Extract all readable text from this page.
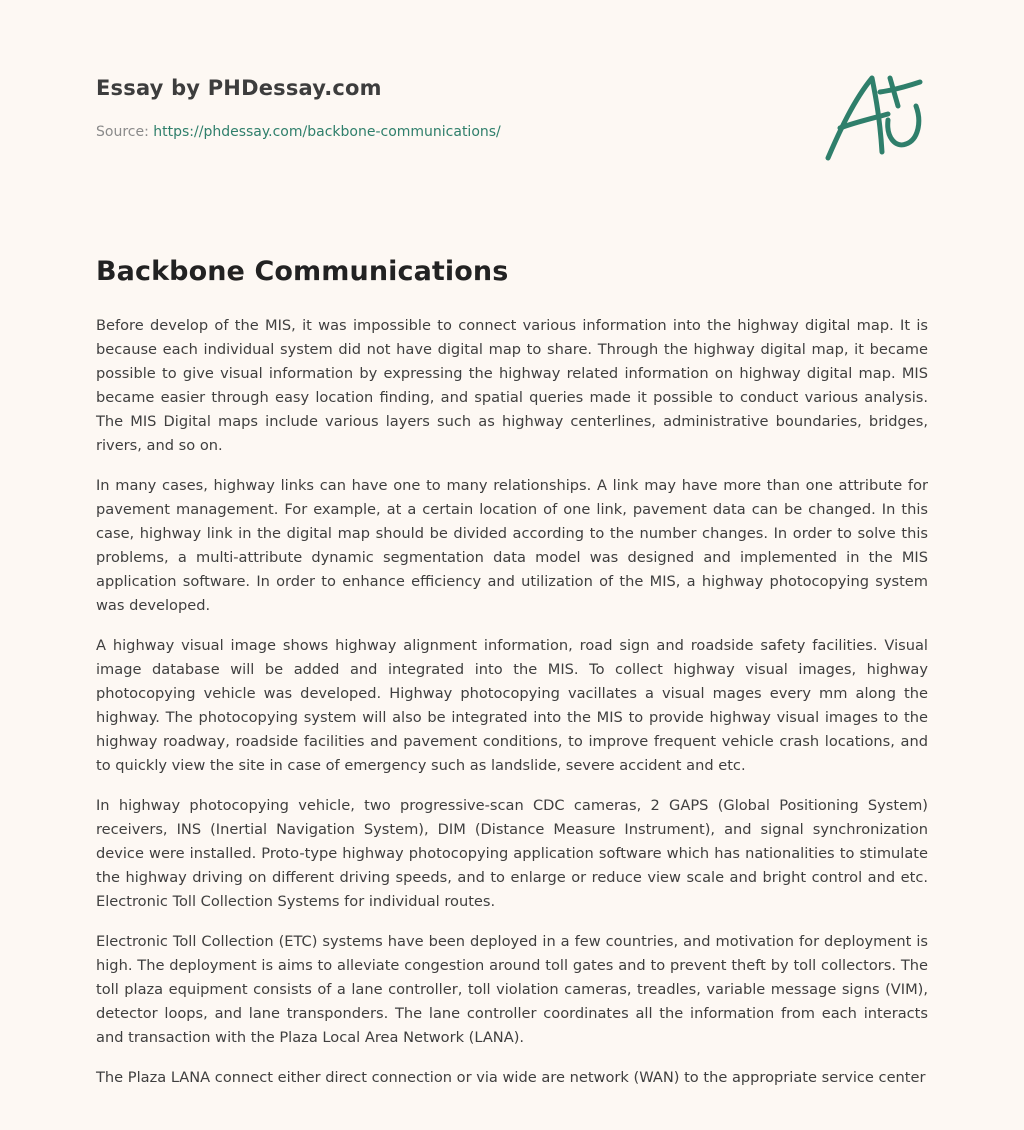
Essay by PHDessay.com
Source: https://phdessay.com/backbone-communications/
Backbone Communications

Before develop of the MIS, it was impossible to connect various information into the highway digital map. It is because each individual system did not have digital map to share. Through the highway digital map, it became possible to give visual information by expressing the highway related information on highway digital map. MIS became easier through easy location finding, and spatial queries made it possible to conduct various analysis. The MIS Digital maps include various layers such as highway centerlines, administrative boundaries, bridges, rivers, and so on.

In many cases, highway links can have one to many relationships. A link may have more than one attribute for pavement management. For example, at a certain location of one link, pavement data can be changed. In this case, highway link in the digital map should be divided according to the number changes. In order to solve this problems, a multi-attribute dynamic segmentation data model was designed and implemented in the MIS application software. In order to enhance efficiency and utilization of the MIS, a highway photocopying system was developed.

A highway visual image shows highway alignment information, road sign and roadside safety facilities. Visual image database will be added and integrated into the MIS. To collect highway visual images, highway photocopying vehicle was developed. Highway photocopying vacillates a visual mages every mm along the highway. The photocopying system will also be integrated into the MIS to provide highway visual images to the highway roadway, roadside facilities and pavement conditions, to improve frequent vehicle crash locations, and to quickly view the site in case of emergency such as landslide, severe accident and etc.

In highway photocopying vehicle, two progressive-scan CDC cameras, 2 GAPS (Global Positioning System) receivers, INS (Inertial Navigation System), DIM (Distance Measure Instrument), and signal synchronization device were installed. Proto-type highway photocopying application software which has nationalities to stimulate the highway driving on different driving speeds, and to enlarge or reduce view scale and bright control and etc. Electronic Toll Collection Systems for individual routes.

Electronic Toll Collection (ETC) systems have been deployed in a few countries, and motivation for deployment is high. The deployment is aims to alleviate congestion around toll gates and to prevent theft by toll collectors. The toll plaza equipment consists of a lane controller, toll violation cameras, treadles, variable message signs (VIM), detector loops, and lane transponders. The lane controller coordinates all the information from each interacts and transaction with the Plaza Local Area Network (LANA).

The Plaza LANA connect either direct connection or via wide are network (WAN) to the appropriate service center
